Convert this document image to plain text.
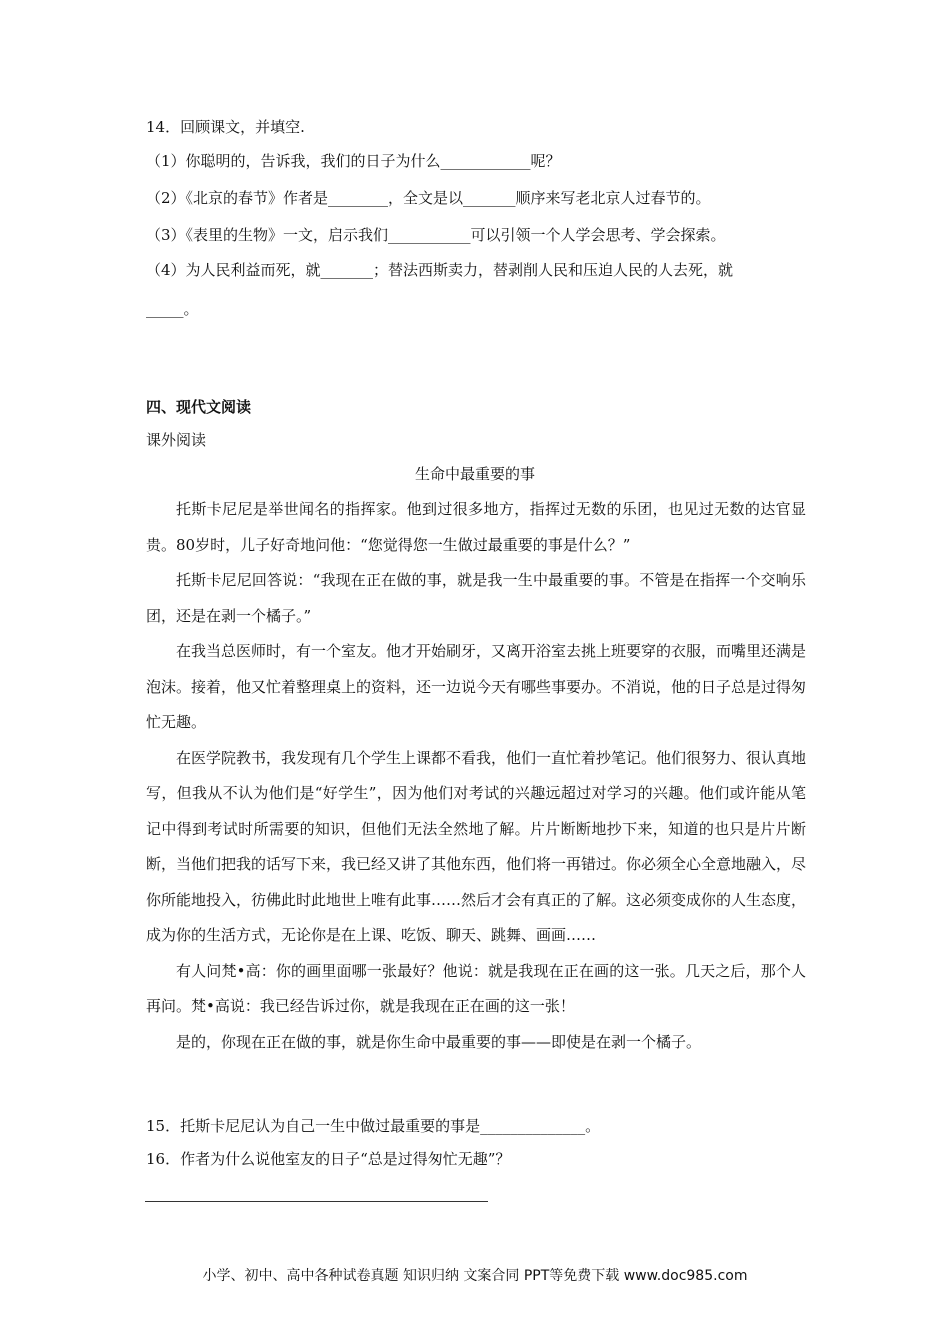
14．回顾课文，并填空.
（1）你聪明的，告诉我，我们的日子为什么____________呢？
（2）《北京的春节》作者是________，全文是以_______顺序来写老北京人过春节的。
（3）《表里的生物》一文，启示我们___________可以引领一个人学会思考、学会探索。
（4）为人民利益而死，就_______；替法西斯卖力，替剥削人民和压迫人民的人去死，就
_____。
四、现代文阅读
课外阅读
生命中最重要的事

托斯卡尼尼是举世闻名的指挥家。他到过很多地方，指挥过无数的乐团，也见过无数的达官显贵。80岁时，儿子好奇地问他：“您觉得您一生做过最重要的事是什么？”

托斯卡尼尼回答说：“我现在正在做的事，就是我一生中最重要的事。不管是在指挥一个交响乐团，还是在剥一个橘子。”

在我当总医师时，有一个室友。他才开始刷牙，又离开浴室去挑上班要穿的衣服，而嘴里还满是泡沫。接着，他又忙着整理桌上的资料，还一边说今天有哪些事要办。不消说，他的日子总是过得匆忙无趣。

在医学院教书，我发现有几个学生上课都不看我，他们一直忙着抄笔记。他们很努力、很认真地写，但我从不认为他们是“好学生”，因为他们对考试的兴趣远超过对学习的兴趣。他们或许能从笔记中得到考试时所需要的知识，但他们无法全然地了解。片片断断地抄下来，知道的也只是片片断断，当他们把我的话写下来，我已经又讲了其他东西，他们将一再错过。你必须全心全意地融入，尽你所能地投入，彷佛此时此地世上唯有此事……然后才会有真正的了解。这必须变成你的人生态度，成为你的生活方式，无论你是在上课、吃饭、聊天、跳舞、画画……

有人问梵•高：你的画里面哪一张最好？他说：就是我现在正在画的这一张。几天之后，那个人再问。梵•高说：我已经告诉过你，就是我现在正在画的这一张！

是的，你现在正在做的事，就是你生命中最重要的事——即使是在剥一个橘子。

15．托斯卡尼尼认为自己一生中做过最重要的事是______________。
16．作者为什么说他室友的日子“总是过得匆忙无趣”？
小学、初中、高中各种试卷真题 知识归纳 文案合同 PPT等免费下载 www.doc985.com
